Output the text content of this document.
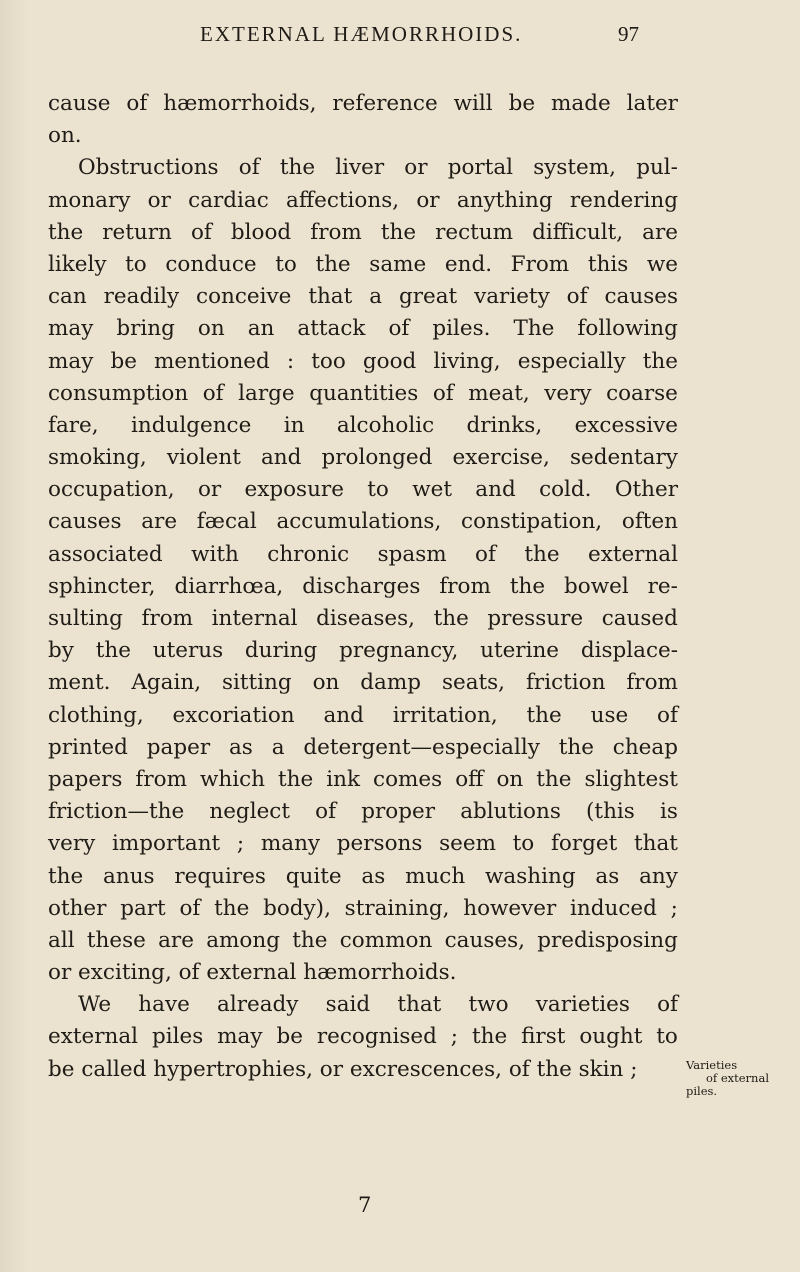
EXTERNAL HÆMORRHOIDS.	97
cause of hæmorrhoids, reference will be made later
on.
Obstructions of the liver or portal system, pul-
monary or cardiac affections, or anything rendering
the return of blood from the rectum difficult, are
likely to conduce to the same end. From this we
can readily conceive that a great variety of causes
may bring on an attack of piles. The following
may be mentioned : too good living, especially the
consumption of large quantities of meat, very coarse
fare, indulgence in alcoholic drinks, excessive
smoking, violent and prolonged exercise, sedentary
occupation, or exposure to wet and cold. Other
causes are fæcal accumulations, constipation, often
associated with chronic spasm of the external
sphincter, diarrhœa, discharges from the bowel re-
sulting from internal diseases, the pressure caused
by the uterus during pregnancy, uterine displace-
ment. Again, sitting on damp seats, friction from
clothing, excoriation and irritation, the use of
printed paper as a detergent—especially the cheap
papers from which the ink comes off on the slightest
friction—the neglect of proper ablutions (this is
very important ; many persons seem to forget that
the anus requires quite as much washing as any
other part of the body), straining, however induced ;
all these are among the common causes, predisposing
or exciting, of external hæmorrhoids.
We have already said that two varieties of
external piles may be recognised ; the first ought to
be called hypertrophies, or excrescences, of the skin ;	Varieties
of external
piles.
7
